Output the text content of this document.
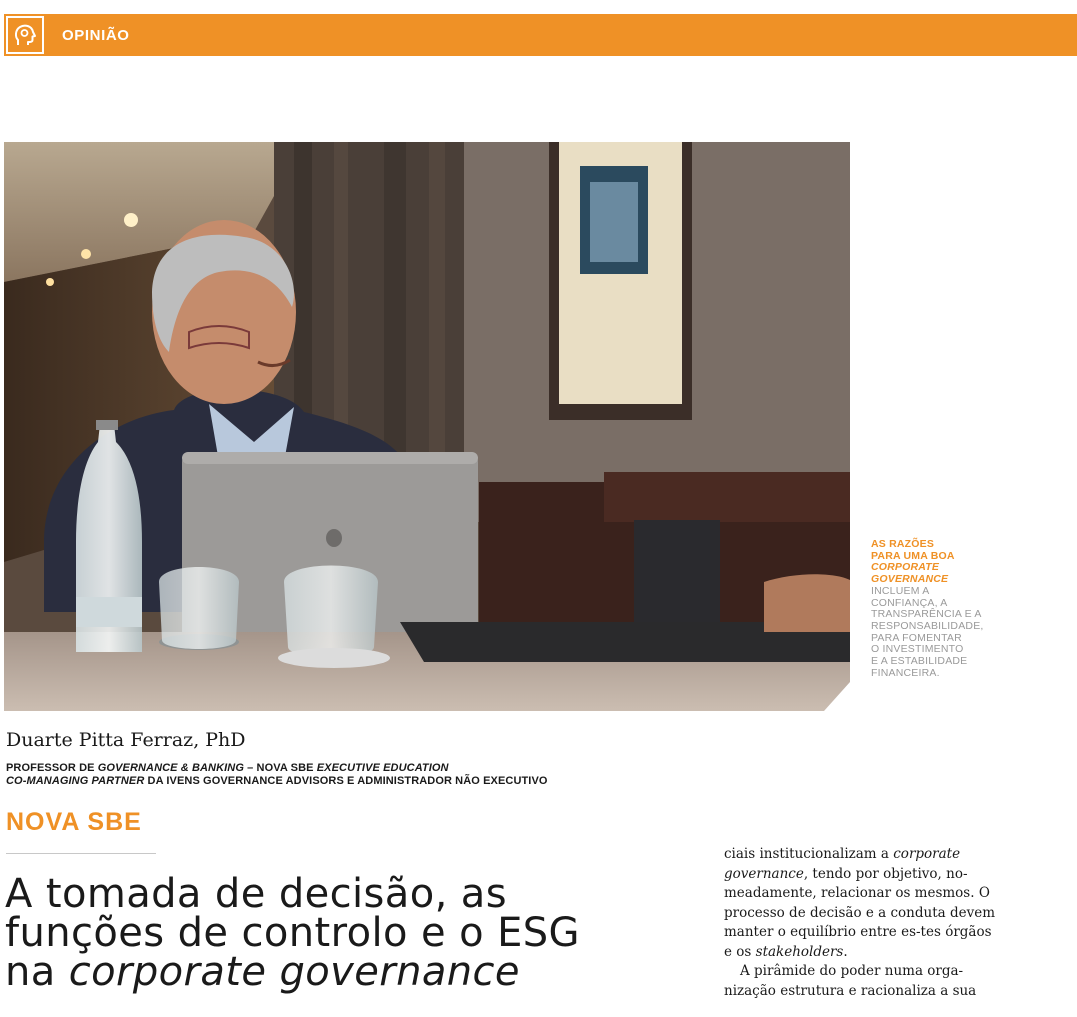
OPINIÃO
AS RAZÕES
PARA UMA BOA
CORPORATE
GOVERNANCE
INCLUEM A
CONFIANÇA, A
TRANSPARÊNCIA E A
RESPONSABILIDADE,
PARA FOMENTAR
O INVESTIMENTO
E A ESTABILIDADE
FINANCEIRA.
Duarte Pitta Ferraz, PhD
PROFESSOR DE GOVERNANCE & BANKING – NOVA SBE EXECUTIVE EDUCATION
CO-MANAGING PARTNER DA IVENS GOVERNANCE ADVISORS E ADMINISTRADOR NÃO EXECUTIVO
NOVA SBE
A tomada de decisão, as
funções de controlo e o ESG
na corporate governance

ciais institucionalizam a corporate governance, tendo por objetivo, no-meadamente, relacionar os mesmos. O processo de decisão e a conduta devem manter o equilíbrio entre es-tes órgãos e os stakeholders.

A pirâmide do poder numa orga-nização estrutura e racionaliza a sua
